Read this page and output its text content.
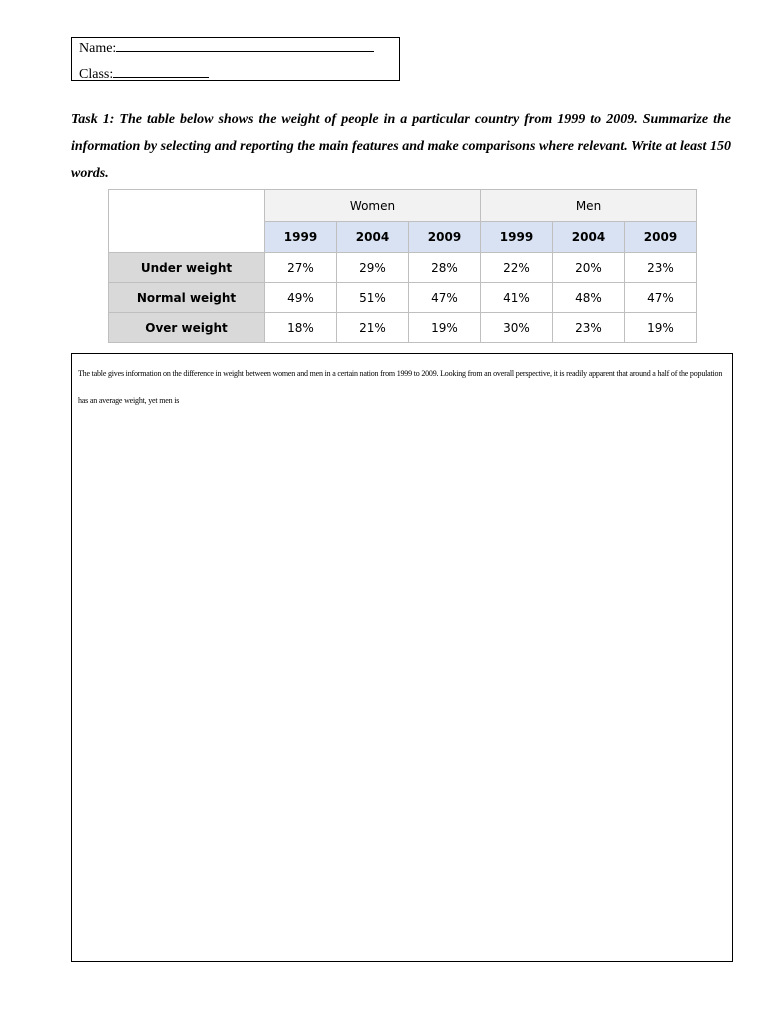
Name:
Class:
Task 1: The table below shows the weight of people in a particular country from 1999 to 2009. Summarize the information by selecting and reporting the main features and make comparisons where relevant. Write at least 150 words.
	Women			Men		
	1999	2004	2009	1999	2004	2009
Under weight	27%	29%	28%	22%	20%	23%
Normal weight	49%	51%	47%	41%	48%	47%
Over weight	18%	21%	19%	30%	23%	19%
The table gives information on the difference in weight between women and men in a certain nation from 1999 to 2009. Looking from an overall perspective, it is readily apparent that around a half of the population has an average weight, yet men is
